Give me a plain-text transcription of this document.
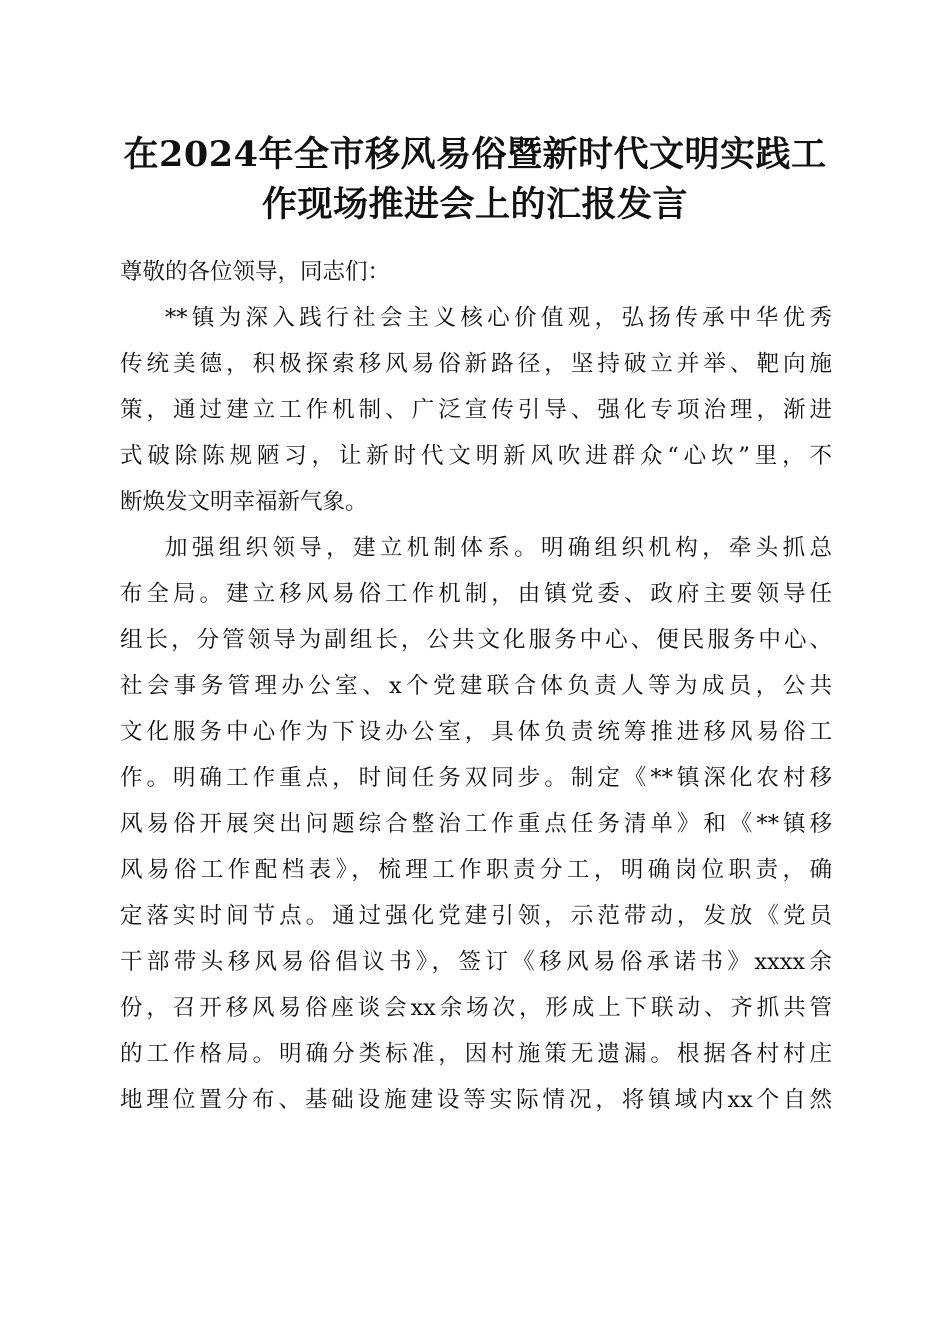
在2024年全市移风易俗暨新时代文明实践工
作现场推进会上的汇报发言
尊敬的各位领导，同志们：
**镇为深入践行社会主义核心价值观，弘扬传承中华优秀
传统美德，积极探索移风易俗新路径，坚持破立并举、靶向施
策，通过建立工作机制、广泛宣传引导、强化专项治理，渐进
式破除陈规陋习，让新时代文明新风吹进群众“心坎”里，不
断焕发文明幸福新气象。
加强组织领导，建立机制体系。明确组织机构，牵头抓总
布全局。建立移风易俗工作机制，由镇党委、政府主要领导任
组长，分管领导为副组长，公共文化服务中心、便民服务中心、
社会事务管理办公室、x个党建联合体负责人等为成员，公共
文化服务中心作为下设办公室，具体负责统筹推进移风易俗工
作。明确工作重点，时间任务双同步。制定《**镇深化农村移
风易俗开展突出问题综合整治工作重点任务清单》和《**镇移
风易俗工作配档表》，梳理工作职责分工，明确岗位职责，确
定落实时间节点。通过强化党建引领，示范带动，发放《党员
干部带头移风易俗倡议书》，签订《移风易俗承诺书》xxxx余
份，召开移风易俗座谈会xx余场次，形成上下联动、齐抓共管
的工作格局。明确分类标准，因村施策无遗漏。根据各村村庄
地理位置分布、基础设施建设等实际情况，将镇域内xx个自然
